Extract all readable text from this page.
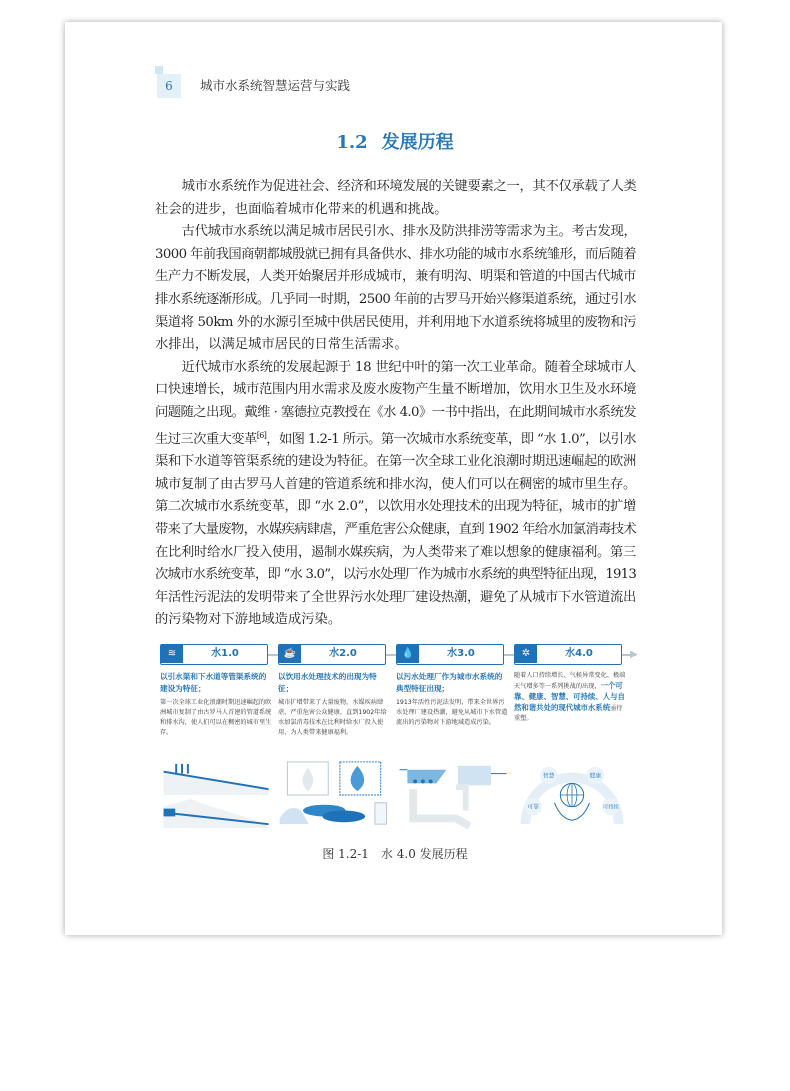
6	城市水系统智慧运营与实践
1.2 发展历程
城市水系统作为促进社会、经济和环境发展的关键要素之一，其不仅承载了人类
社会的进步，也面临着城市化带来的机遇和挑战。
古代城市水系统以满足城市居民引水、排水及防洪排涝等需求为主。考古发现，
3000 年前我国商朝都城殷就已拥有具备供水、排水功能的城市水系统雏形，而后随着
生产力不断发展，人类开始聚居并形成城市，兼有明沟、明渠和管道的中国古代城市
排水系统逐渐形成。几乎同一时期，2500 年前的古罗马开始兴修渠道系统，通过引水
渠道将 50km 外的水源引至城中供居民使用，并利用地下水道系统将城里的废物和污
水排出，以满足城市居民的日常生活需求。
近代城市水系统的发展起源于 18 世纪中叶的第一次工业革命。随着全球城市人
口快速增长，城市范围内用水需求及废水废物产生量不断增加，饮用水卫生及水环境
问题随之出现。戴维 · 塞德拉克教授在《水 4.0》一书中指出，在此期间城市水系统发
生过三次重大变革[6]，如图 1.2-1 所示。第一次城市水系统变革，即 “水 1.0”，以引水
渠和下水道等管渠系统的建设为特征。在第一次全球工业化浪潮时期迅速崛起的欧洲
城市复制了由古罗马人首建的管道系统和排水沟，使人们可以在稠密的城市里生存。
第二次城市水系统变革，即 “水 2.0”，以饮用水处理技术的出现为特征，城市的扩增
带来了大量废物，水媒疾病肆虐，严重危害公众健康，直到 1902 年给水加氯消毒技术
在比利时给水厂投入使用，遏制水媒疾病，为人类带来了难以想象的健康福利。第三
次城市水系统变革，即 “水 3.0”，以污水处理厂作为城市水系统的典型特征出现，1913
年活性污泥法的发明带来了全世界污水处理厂建设热潮，避免了从城市下水管道流出
的污染物对下游地域造成污染。
▶
≋	水1.0
以引水渠和下水道等管渠系统的建设为特征；
第一次全球工业化浪潮时期迅速崛起的欧洲城市复制了由古罗马人首建的管道系统和排水沟，使人们可以在稠密的城市里生存。
☕	水2.0
以饮用水处理技术的出现为特征；
城市扩增带来了大量废物，水媒疾病肆虐，严重危害公众健康，直到1902年给水加氯消毒技术在比利时给水厂投入使用，为人类带来健康福利。
💧	水3.0
以污水处理厂作为城市水系统的典型特征出现；
1913年活性污泥法发明，带来全世界污水处理厂建设热潮，避免从城市下水管道流出的污染物对下游地域造成污染。
✲	水4.0
随着人口持续增长、气候异常变化、极端天气增多等一系列挑战的出现，一个可靠、健康、智慧、可持续、人与自然和谐共处的现代城市水系统亟待重塑。
智慧	健康
可靠	可持续
图 1.2-1　水 4.0 发展历程
